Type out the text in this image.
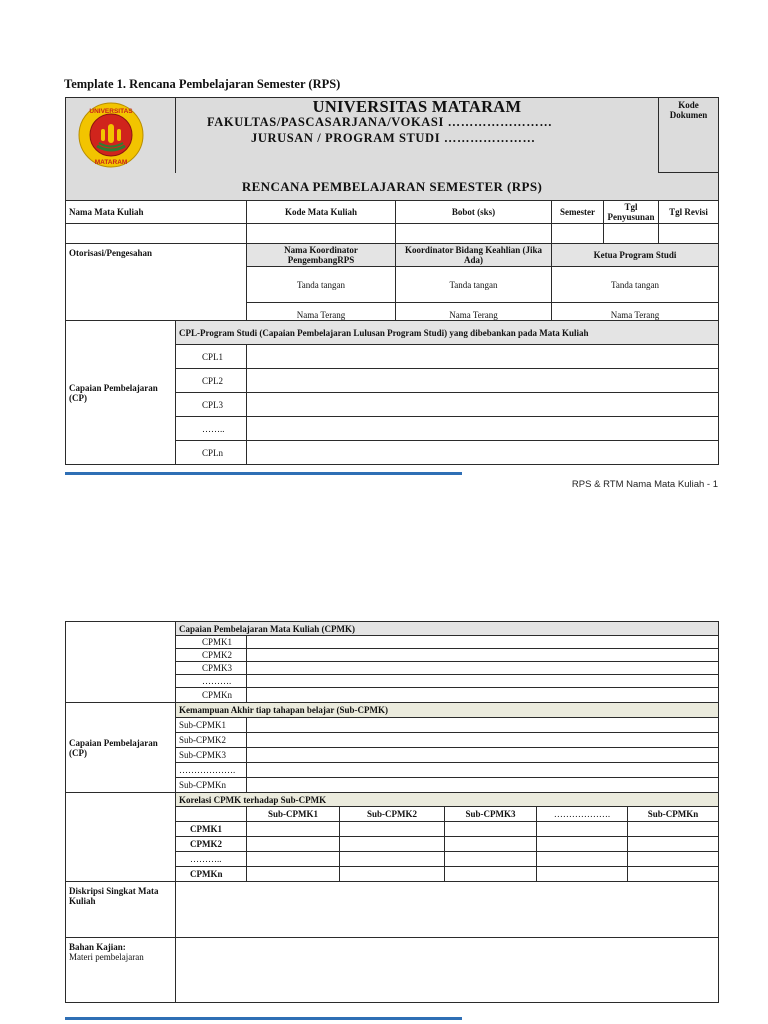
Template 1. Rencana Pembelajaran Semester (RPS)
UNIVERSITAS
MATARAM	UNIVERSITAS MATARAM
FAKULTAS/PASCASARJANA/VOKASI ……………………
JURUSAN / PROGRAM STUDI …………………					Kode Dokumen

RENCANA PEMBELAJARAN SEMESTER (RPS)						

Nama Mata Kuliah		Kode Mata Kuliah	Bobot (sks)	Semester	Tgl Penyusunan	Tgl Revisi

Otorisasi/Pengesahan		Nama Koordinator PengembangRPS	Koordinator Bidang Keahlian (Jika Ada)	Ketua Program Studi		
		Tanda tangan	Tanda tangan	Tanda tangan		
		Nama Terang	Nama Terang	Nama Terang		
Capaian Pembelajaran (CP)	CPL-Program Studi (Capaian Pembelajaran Lulusan Program Studi) yang dibebankan pada Mata Kuliah					
	CPL1					
	CPL2					
	CPL3					
	……..					
	CPLn					
RPS & RTM Nama Mata Kuliah - 1
	Capaian Pembelajaran Mata Kuliah (CPMK)					
	CPMK1					
	CPMK2					
	CPMK3					
	……….					
	CPMKn					
Capaian Pembelajaran (CP)	Kemampuan Akhir tiap tahapan belajar (Sub-CPMK)					
	Sub-CPMK1					
	Sub-CPMK2					
	Sub-CPMK3					
	……………….					
	Sub-CPMKn					
	Korelasi CPMK terhadap Sub-CPMK					
		Sub-CPMK1	Sub-CPMK2	Sub-CPMK3	……………….	Sub-CPMKn
	CPMK1					
	CPMK2					
	………..					
	CPMKn					
Diskripsi Singkat Mata Kuliah						

Bahan Kajian:
Materi pembelajaran						
